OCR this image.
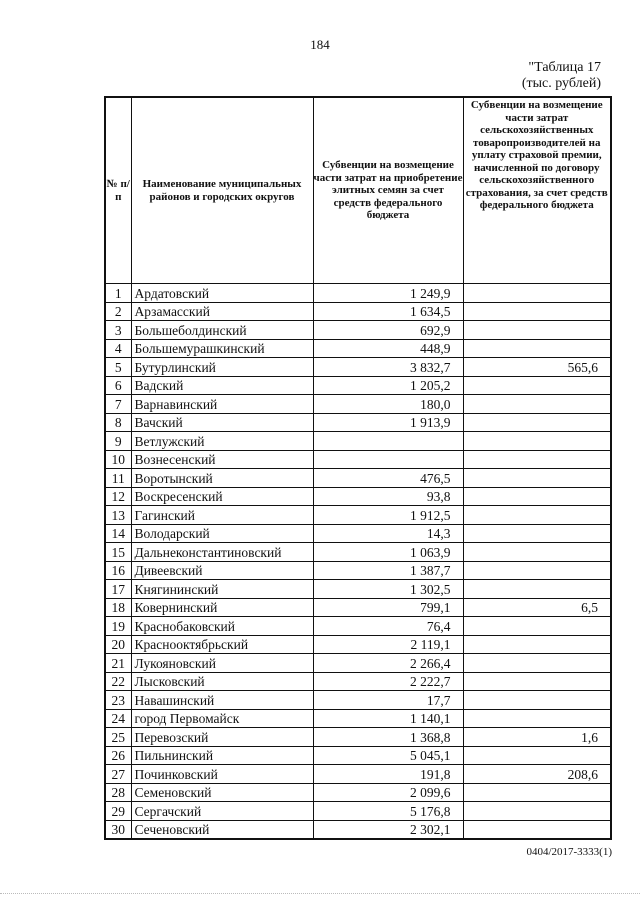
184
"Таблица 17
(тыс. рублей)
№ п/п	Наименование муниципальных районов и городских округов	Субвенции на возмещение части затрат на приобретение элитных семян за счет средств федерального бюджета	Субвенции на возмещение части затрат сельскохозяйственных товаропроизводителей на уплату страховой премии, начисленной по договору сельскохозяйственного страхования, за счет средств федерального бюджета
1	Ардатовский	1 249,9	
2	Арзамасский	1 634,5	
3	Большеболдинский	692,9	
4	Большемурашкинский	448,9	
5	Бутурлинский	3 832,7	565,6
6	Вадский	1 205,2	
7	Варнавинский	180,0	
8	Вачский	1 913,9	
9	Ветлужский		
10	Вознесенский		
11	Воротынский	476,5	
12	Воскресенский	93,8	
13	Гагинский	1 912,5	
14	Володарский	14,3	
15	Дальнеконстантиновский	1 063,9	
16	Дивеевский	1 387,7	
17	Княгининский	1 302,5	
18	Ковернинский	799,1	6,5
19	Краснобаковский	76,4	
20	Краснооктябрьский	2 119,1	
21	Лукояновский	2 266,4	
22	Лысковский	2 222,7	
23	Навашинский	17,7	
24	город Первомайск	1 140,1	
25	Перевозский	1 368,8	1,6
26	Пильнинский	5 045,1	
27	Починковский	191,8	208,6
28	Семеновский	2 099,6	
29	Сергачский	5 176,8	
30	Сеченовский	2 302,1	
0404/2017-3333(1)
